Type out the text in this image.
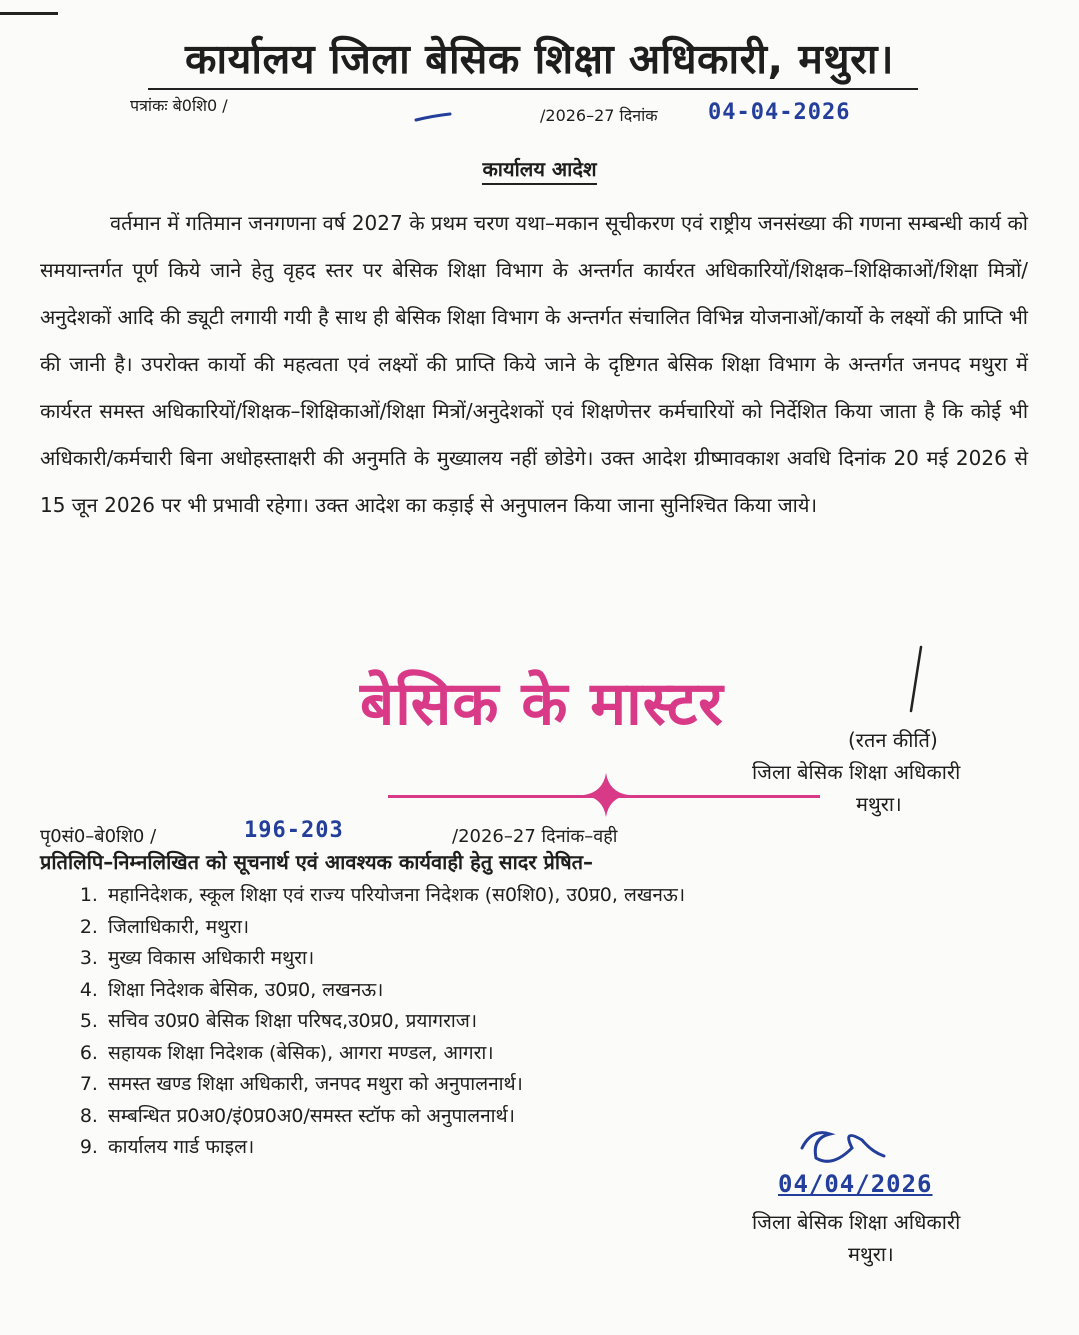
कार्यालय जिला बेसिक शिक्षा अधिकारी, मथुरा।
पत्रांकः बे0शि0 /
/2026–27 दिनांक 04-04-2026
कार्यालय आदेश

वर्तमान में गतिमान जनगणना वर्ष 2027 के प्रथम चरण यथा–मकान सूचीकरण एवं राष्ट्रीय जनसंख्या की गणना सम्बन्धी कार्य को समयान्तर्गत पूर्ण किये जाने हेतु वृहद स्तर पर बेसिक शिक्षा विभाग के अन्तर्गत कार्यरत अधिकारियों/शिक्षक–शिक्षिकाओं/शिक्षा मित्रों/अनुदेशकों आदि की ड्यूटी लगायी गयी है साथ ही बेसिक शिक्षा विभाग के अन्तर्गत संचालित विभिन्न योजनाओं/कार्यो के लक्ष्यों की प्राप्ति भी की जानी है। उपरोक्त कार्यो की महत्वता एवं लक्ष्यों की प्राप्ति किये जाने के दृष्टिगत बेसिक शिक्षा विभाग के अन्तर्गत जनपद मथुरा में कार्यरत समस्त अधिकारियों/शिक्षक–शिक्षिकाओं/शिक्षा मित्रों/अनुदेशकों एवं शिक्षणेत्तर कर्मचारियों को निर्देशित किया जाता है कि कोई भी अधिकारी/कर्मचारी बिना अधोहस्ताक्षरी की अनुमति के मुख्यालय नहीं छोडेगे। उक्त आदेश ग्रीष्मावकाश अवधि दिनांक 20 मई 2026 से 15 जून 2026 पर भी प्रभावी रहेगा। उक्त आदेश का कड़ाई से अनुपालन किया जाना सुनिश्चित किया जाये।

बेसिक के मास्टर
(रतन कीर्ति)
जिला बेसिक शिक्षा अधिकारी
मथुरा।
पृ0सं0–बे0शि0 /	196-203	/2026–27 दिनांक–वही
प्रतिलिपि–निम्नलिखित को सूचनार्थ एवं आवश्यक कार्यवाही हेतु सादर प्रेषित–
1. महानिदेशक, स्कूल शिक्षा एवं राज्य परियोजना निदेशक (स0शि0), उ0प्र0, लखनऊ।
2. जिलाधिकारी, मथुरा।
3. मुख्य विकास अधिकारी मथुरा।
4. शिक्षा निदेशक बेसिक, उ0प्र0, लखनऊ।
5. सचिव उ0प्र0 बेसिक शिक्षा परिषद,उ0प्र0, प्रयागराज।
6. सहायक शिक्षा निदेशक (बेसिक), आगरा मण्डल, आगरा।
7. समस्त खण्ड शिक्षा अधिकारी, जनपद मथुरा को अनुपालनार्थ।
8. सम्बन्धित प्र0अ0/इं0प्र0अ0/समस्त स्टॉफ को अनुपालनार्थ।
9. कार्यालय गार्ड फाइल।
04/04/2026
जिला बेसिक शिक्षा अधिकारी
मथुरा।
